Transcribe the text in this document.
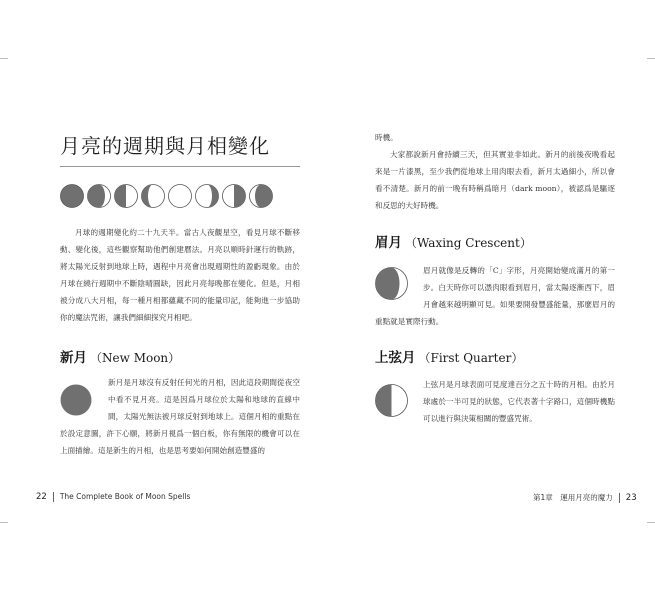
月亮的週期與月相變化

月球的週期變化約二十九天半。當古人夜觀星空，看見月球不斷移動、變化後，這些觀察幫助他們創建曆法。月亮以順時針運行的軌跡，將太陽光反射到地球上時，遇程中月亮會出現週期性的盈虧現象。由於月球在繞行週期中不斷陰晴圓缺，因此月亮每晚都在變化。但是，月相被分成八大月相，每一種月相都蘊藏不同的能量印記，能夠進一步協助你的魔法咒術，讓我們細細探究月相吧。

新月 （New Moon）

新月是月球沒有反射任何光的月相，因此這段期間從夜空中看不見月亮。這是因爲月球位於太陽和地球的直線中間，太陽光無法被月球反射到地球上。這個月相的重點在於設定意圖，許下心願，將新月視爲一個白板，你有無限的機會可以在上面描繪。這是新生的月相，也是思考要如何開始創造豐盛的

22 The Complete Book of Moon Spells

時機。

大家都說新月會持續三天，但其實並非如此。新月的前後夜晚看起來是一片漆黑，至少我們從地球上用肉眼去看，新月太過細小，所以會看不清楚。新月的前一晚有時稱爲暗月（dark moon），被認爲是驅逐和反思的大好時機。

眉月 （Waxing Crescent）

眉月就像是反轉的「C」字形，月亮開始變成滿月的第一步。白天時你可以憑肉眼看到眉月，當太陽逐漸西下，眉月會越來越明顯可見。如果要開發豐盛能量，那麼眉月的重點就是實際行動。

上弦月 （First Quarter）

上弦月是月球表面可見度達百分之五十時的月相。由於月球處於一半可見的狀態，它代表著十字路口，這個時機點可以進行與決策相關的豐盛咒術。

第1章　運用月亮的魔力 23
